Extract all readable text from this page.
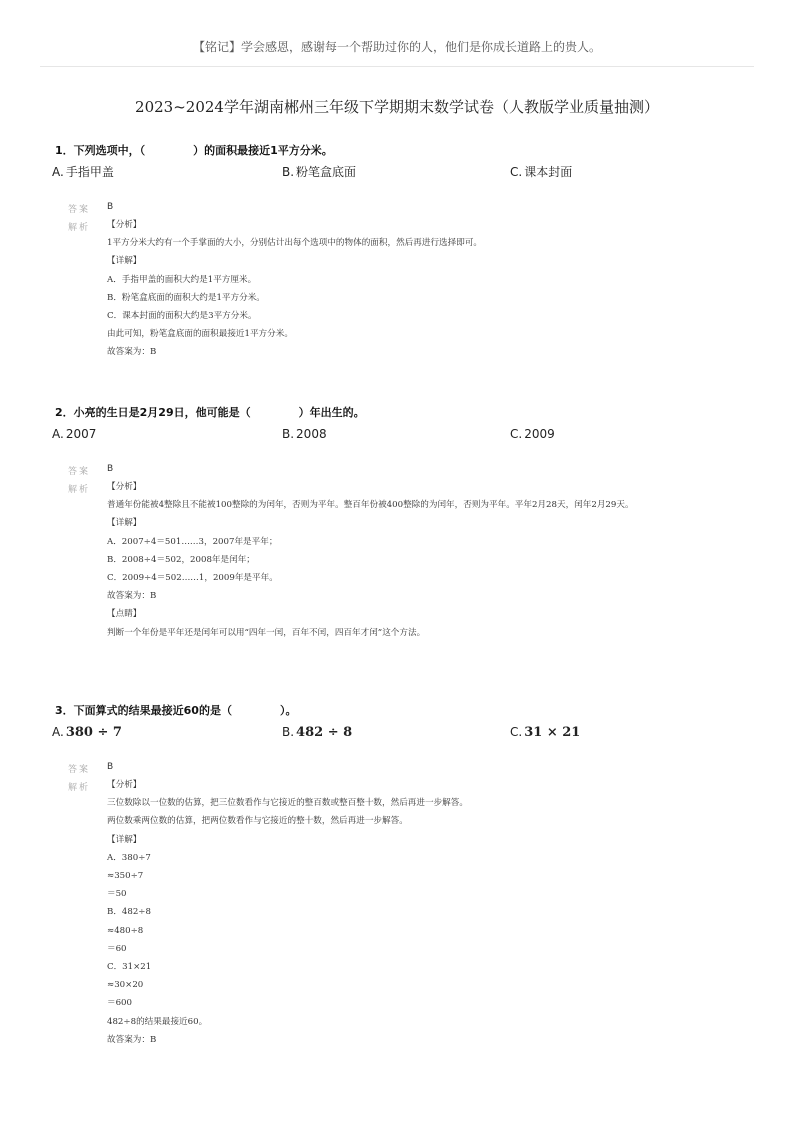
【铭记】学会感恩，感谢每一个帮助过你的人，他们是你成长道路上的贵人。
2023~2024学年湖南郴州三年级下学期期末数学试卷（人教版学业质量抽测）

1．下列选项中，（	）的面积最接近1平方分米。

A. 手指甲盖	B. 粉笔盒底面	C. 课本封面
答案 B
解析 【分析】
1平方分米大约有一个手掌面的大小，分别估计出每个选项中的物体的面积，然后再进行选择即可。
【详解】
A．手指甲盖的面积大约是1平方厘米。
B．粉笔盒底面的面积大约是1平方分米。
C．课本封面的面积大约是3平方分米。
由此可知，粉笔盒底面的面积最接近1平方分米。
故答案为：B

2．小亮的生日是2月29日，他可能是（	）年出生的。

A. 2007	B. 2008	C. 2009
答案 B
解析 【分析】
普通年份能被4整除且不能被100整除的为闰年，否则为平年。整百年份被400整除的为闰年，否则为平年。平年2月28天，闰年2月29天。
【详解】
A．2007÷4＝501……3，2007年是平年；
B．2008÷4＝502，2008年是闰年；
C．2009÷4＝502……1，2009年是平年。
故答案为：B
【点睛】
判断一个年份是平年还是闰年可以用“四年一闰，百年不闰，四百年才闰”这个方法。

3．下面算式的结果最接近60的是（	）。

A. 380 ÷ 7	B. 482 ÷ 8	C. 31 × 21
答案 B
解析 【分析】
三位数除以一位数的估算，把三位数看作与它接近的整百数或整百整十数，然后再进一步解答。
两位数乘两位数的估算，把两位数看作与它接近的整十数，然后再进一步解答。
【详解】
A．380÷7
≈350÷7
＝50
B．482÷8
≈480÷8
＝60
C．31×21
≈30×20
＝600
482÷8的结果最接近60。
故答案为：B
